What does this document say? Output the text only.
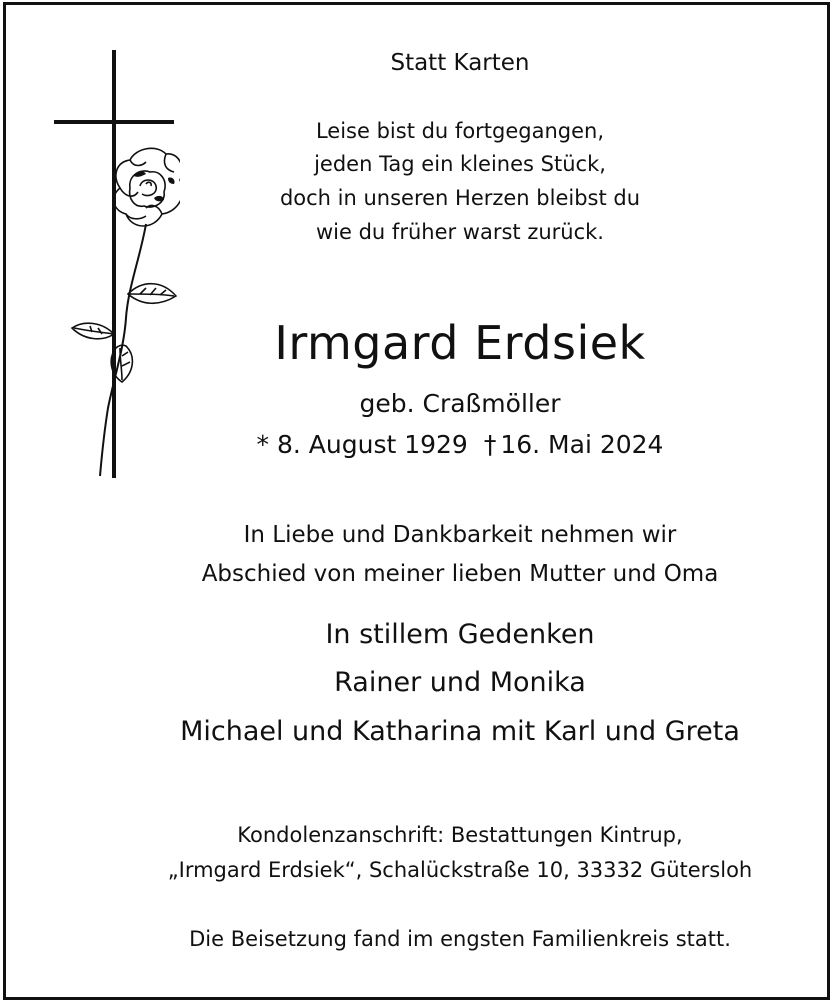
Statt Karten
Leise bist du fortgegangen,
jeden Tag ein kleines Stück,
doch in unseren Herzen bleibst du
wie du früher warst zurück.
Irmgard Erdsiek
geb. Craßmöller
* 8. August 1929 † 16. Mai 2024
In Liebe und Dankbarkeit nehmen wir
Abschied von meiner lieben Mutter und Oma
In stillem Gedenken
Rainer und Monika
Michael und Katharina mit Karl und Greta
Kondolenzanschrift: Bestattungen Kintrup,
„Irmgard Erdsiek“, Schalückstraße 10, 33332 Gütersloh
Die Beisetzung fand im engsten Familienkreis statt.
